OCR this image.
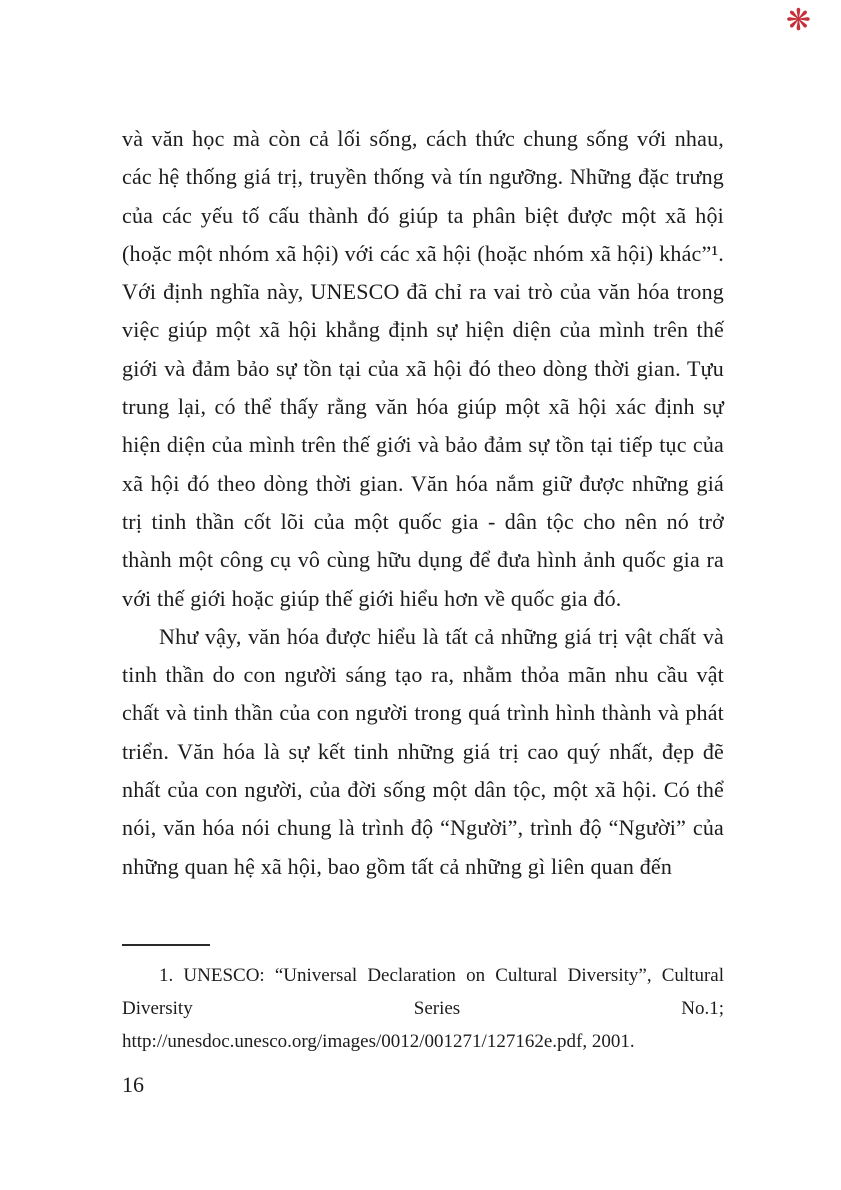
❋

và văn học mà còn cả lối sống, cách thức chung sống với nhau, các hệ thống giá trị, truyền thống và tín ngưỡng. Những đặc trưng của các yếu tố cấu thành đó giúp ta phân biệt được một xã hội (hoặc một nhóm xã hội) với các xã hội (hoặc nhóm xã hội) khác”¹. Với định nghĩa này, UNESCO đã chỉ ra vai trò của văn hóa trong việc giúp một xã hội khẳng định sự hiện diện của mình trên thế giới và đảm bảo sự tồn tại của xã hội đó theo dòng thời gian. Tựu trung lại, có thể thấy rằng văn hóa giúp một xã hội xác định sự hiện diện của mình trên thế giới và bảo đảm sự tồn tại tiếp tục của xã hội đó theo dòng thời gian. Văn hóa nắm giữ được những giá trị tinh thần cốt lõi của một quốc gia - dân tộc cho nên nó trở thành một công cụ vô cùng hữu dụng để đưa hình ảnh quốc gia ra với thế giới hoặc giúp thế giới hiểu hơn về quốc gia đó.

Như vậy, văn hóa được hiểu là tất cả những giá trị vật chất và tinh thần do con người sáng tạo ra, nhằm thỏa mãn nhu cầu vật chất và tinh thần của con người trong quá trình hình thành và phát triển. Văn hóa là sự kết tinh những giá trị cao quý nhất, đẹp đẽ nhất của con người, của đời sống một dân tộc, một xã hội. Có thể nói, văn hóa nói chung là trình độ “Người”, trình độ “Người” của những quan hệ xã hội, bao gồm tất cả những gì liên quan đến

1. UNESCO: “Universal Declaration on Cultural Diversity”, Cultural Diversity Series No.1; http://unesdoc.unesco.org/images/0012/001271/127162e.pdf, 2001.

16
